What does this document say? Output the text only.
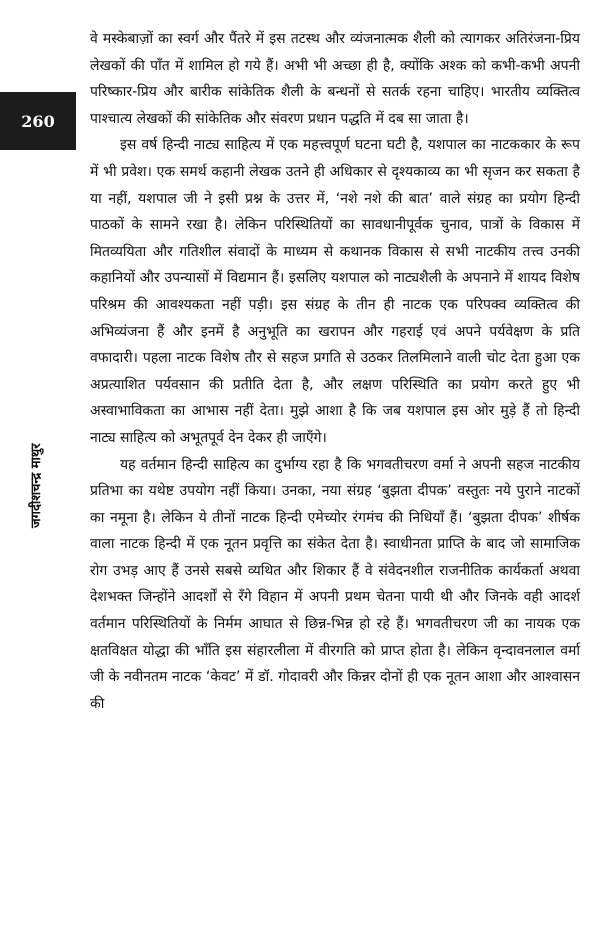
260
जगदीशचन्द्र माथुर

वे मस्केबाज़ों का स्वर्ग और पैंतरे में इस तटस्थ और व्यंजनात्मक शैली को त्यागकर अतिरंजना-प्रिय लेखकों की पाँत में शामिल हो गये हैं। अभी भी अच्छा ही है, क्योंकि अश्क को कभी-कभी अपनी परिष्कार-प्रिय और बारीक सांकेतिक शैली के बन्धनों से सतर्क रहना चाहिए। भारतीय व्यक्तित्व पाश्चात्य लेखकों की सांकेतिक और संवरण प्रधान पद्धति में दब सा जाता है।

इस वर्ष हिन्दी नाट्य साहित्य में एक महत्त्वपूर्ण घटना घटी है, यशपाल का नाटककार के रूप में भी प्रवेश। एक समर्थ कहानी लेखक उतने ही अधिकार से दृश्यकाव्य का भी सृजन कर सकता है या नहीं, यशपाल जी ने इसी प्रश्न के उत्तर में, ‘नशे नशे की बात’ वाले संग्रह का प्रयोग हिन्दी पाठकों के सामने रखा है। लेकिन परिस्थितियों का सावधानीपूर्वक चुनाव, पात्रों के विकास में मितव्ययिता और गतिशील संवादों के माध्यम से कथानक विकास से सभी नाटकीय तत्त्व उनकी कहानियों और उपन्यासों में विद्यमान हैं। इसलिए यशपाल को नाट्यशैली के अपनाने में शायद विशेष परिश्रम की आवश्यकता नहीं पड़ी। इस संग्रह के तीन ही नाटक एक परिपक्व व्यक्तित्व की अभिव्यंजना हैं और इनमें है अनुभूति का खरापन और गहराई एवं अपने पर्यवेक्षण के प्रति वफादारी। पहला नाटक विशेष तौर से सहज प्रगति से उठकर तिलमिलाने वाली चोट देता हुआ एक अप्रत्याशित पर्यवसान की प्रतीति देता है, और लक्षण परिस्थिति का प्रयोग करते हुए भी अस्वाभाविकता का आभास नहीं देता। मुझे आशा है कि जब यशपाल इस ओर मुड़े हैं तो हिन्दी नाट्य साहित्य को अभूतपूर्व देन देकर ही जाएँगे।

यह वर्तमान हिन्दी साहित्य का दुर्भाग्य रहा है कि भगवतीचरण वर्मा ने अपनी सहज नाटकीय प्रतिभा का यथेष्ट उपयोग नहीं किया। उनका, नया संग्रह ‘बुझता दीपक’ वस्तुतः नये पुराने नाटकों का नमूना है। लेकिन ये तीनों नाटक हिन्दी एमेच्योर रंगमंच की निधियाँ हैं। ‘बुझता दीपक’ शीर्षक वाला नाटक हिन्दी में एक नूतन प्रवृत्ति का संकेत देता है। स्वाधीनता प्राप्ति के बाद जो सामाजिक रोग उभड़ आए हैं उनसे सबसे व्यथित और शिकार हैं वे संवेदनशील राजनीतिक कार्यकर्ता अथवा देशभक्त जिन्होंने आदर्शों से रँगे विहान में अपनी प्रथम चेतना पायी थी और जिनके वही आदर्श वर्तमान परिस्थितियों के निर्मम आघात से छिन्न-भिन्न हो रहे हैं। भगवतीचरण जी का नायक एक क्षतविक्षत योद्धा की भाँति इस संहारलीला में वीरगति को प्राप्त होता है। लेकिन वृन्दावनलाल वर्मा जी के नवीनतम नाटक ‘केवट’ में डॉ. गोदावरी और किन्नर दोनों ही एक नूतन आशा और आश्वासन की
